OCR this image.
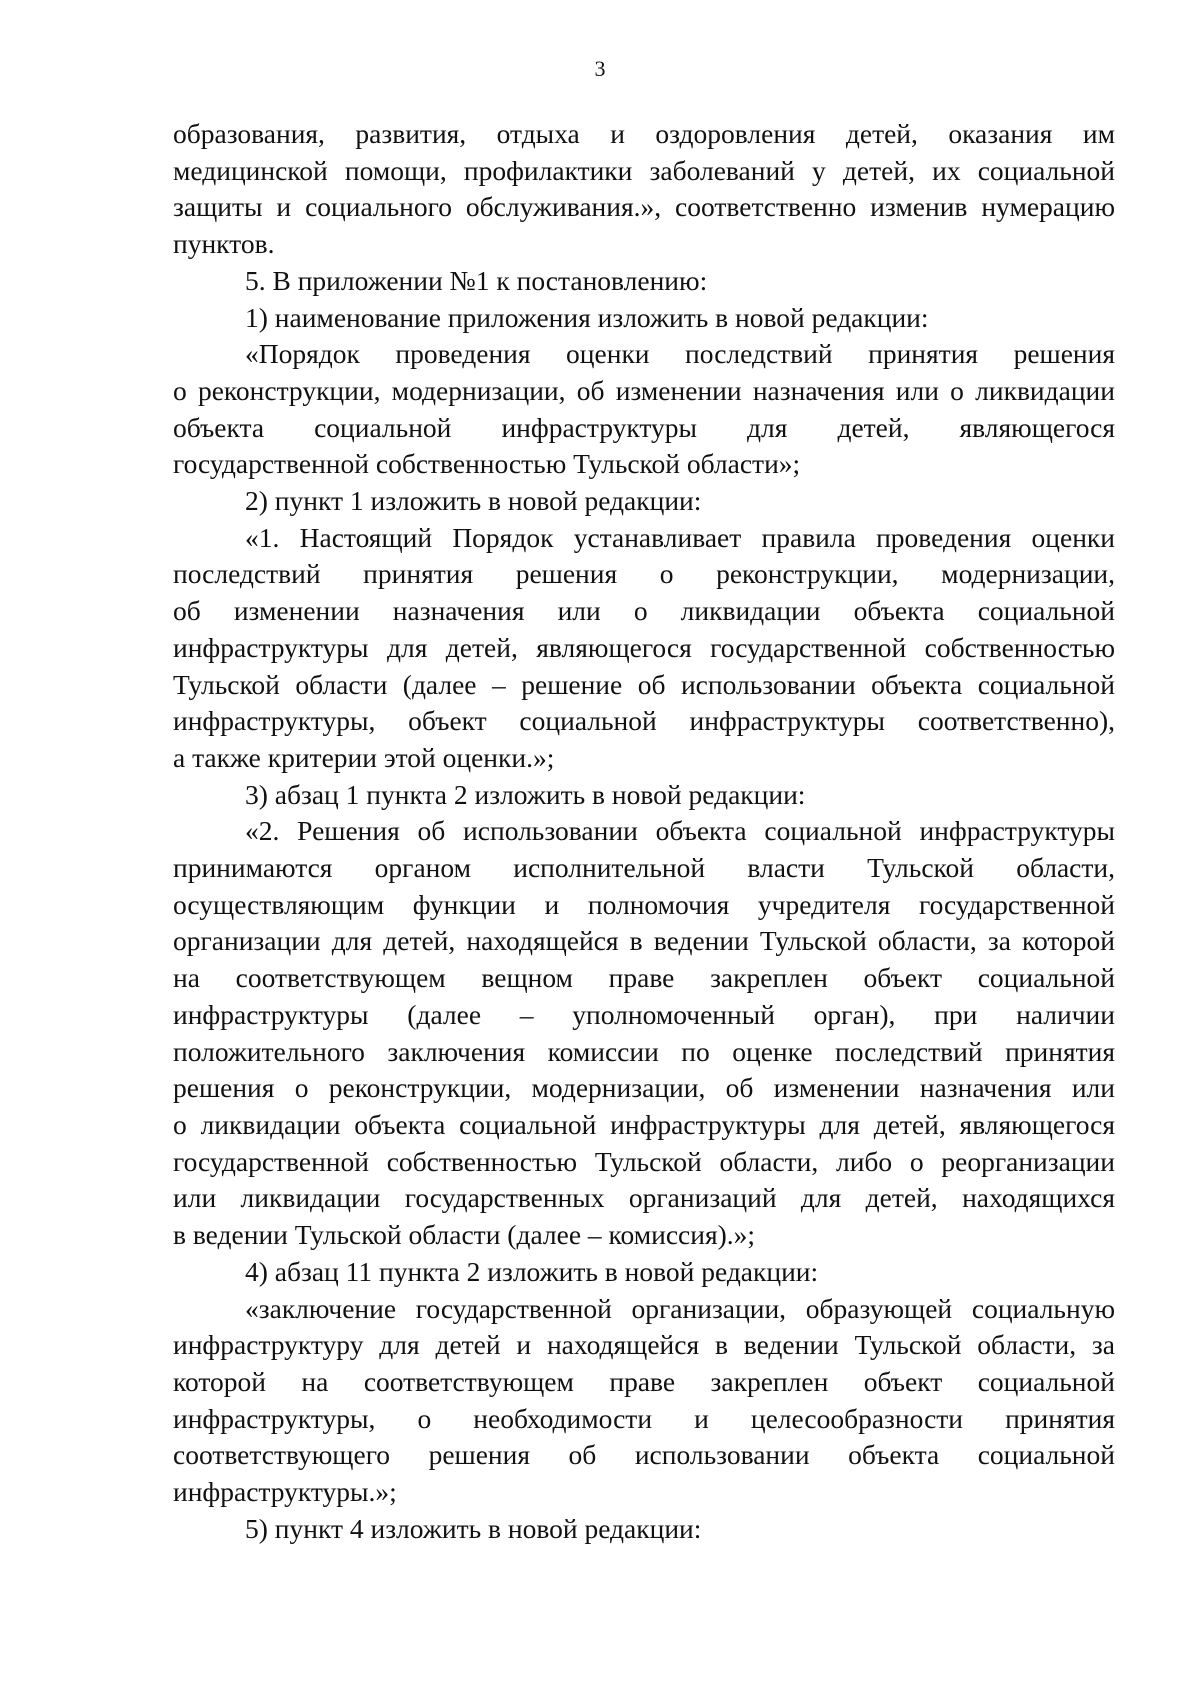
3
образования, развития, отдыха и оздоровления детей, оказания им
медицинской помощи, профилактики заболеваний у детей, их социальной
защиты и социального обслуживания.», соответственно изменив нумерацию
пунктов.
5. В приложении №1 к постановлению:
1) наименование приложения изложить в новой редакции:
«Порядок проведения оценки последствий принятия решения
о реконструкции, модернизации, об изменении назначения или о ликвидации
объекта социальной инфраструктуры для детей, являющегося
государственной собственностью Тульской области»;
2) пункт 1 изложить в новой редакции:
«1. Настоящий Порядок устанавливает правила проведения оценки
последствий принятия решения о реконструкции, модернизации,
об изменении назначения или о ликвидации объекта социальной
инфраструктуры для детей, являющегося государственной собственностью
Тульской области (далее – решение об использовании объекта социальной
инфраструктуры, объект социальной инфраструктуры соответственно),
а также критерии этой оценки.»;
3) абзац 1 пункта 2 изложить в новой редакции:
«2. Решения об использовании объекта социальной инфраструктуры
принимаются органом исполнительной власти Тульской области,
осуществляющим функции и полномочия учредителя государственной
организации для детей, находящейся в ведении Тульской области, за которой
на соответствующем вещном праве закреплен объект социальной
инфраструктуры (далее – уполномоченный орган), при наличии
положительного заключения комиссии по оценке последствий принятия
решения о реконструкции, модернизации, об изменении назначения или
о ликвидации объекта социальной инфраструктуры для детей, являющегося
государственной собственностью Тульской области, либо о реорганизации
или ликвидации государственных организаций для детей, находящихся
в ведении Тульской области (далее – комиссия).»;
4) абзац 11 пункта 2 изложить в новой редакции:
«заключение государственной организации, образующей социальную
инфраструктуру для детей и находящейся в ведении Тульской области, за
которой на соответствующем праве закреплен объект социальной
инфраструктуры, о необходимости и целесообразности принятия
соответствующего решения об использовании объекта социальной
инфраструктуры.»;
5) пункт 4 изложить в новой редакции:
